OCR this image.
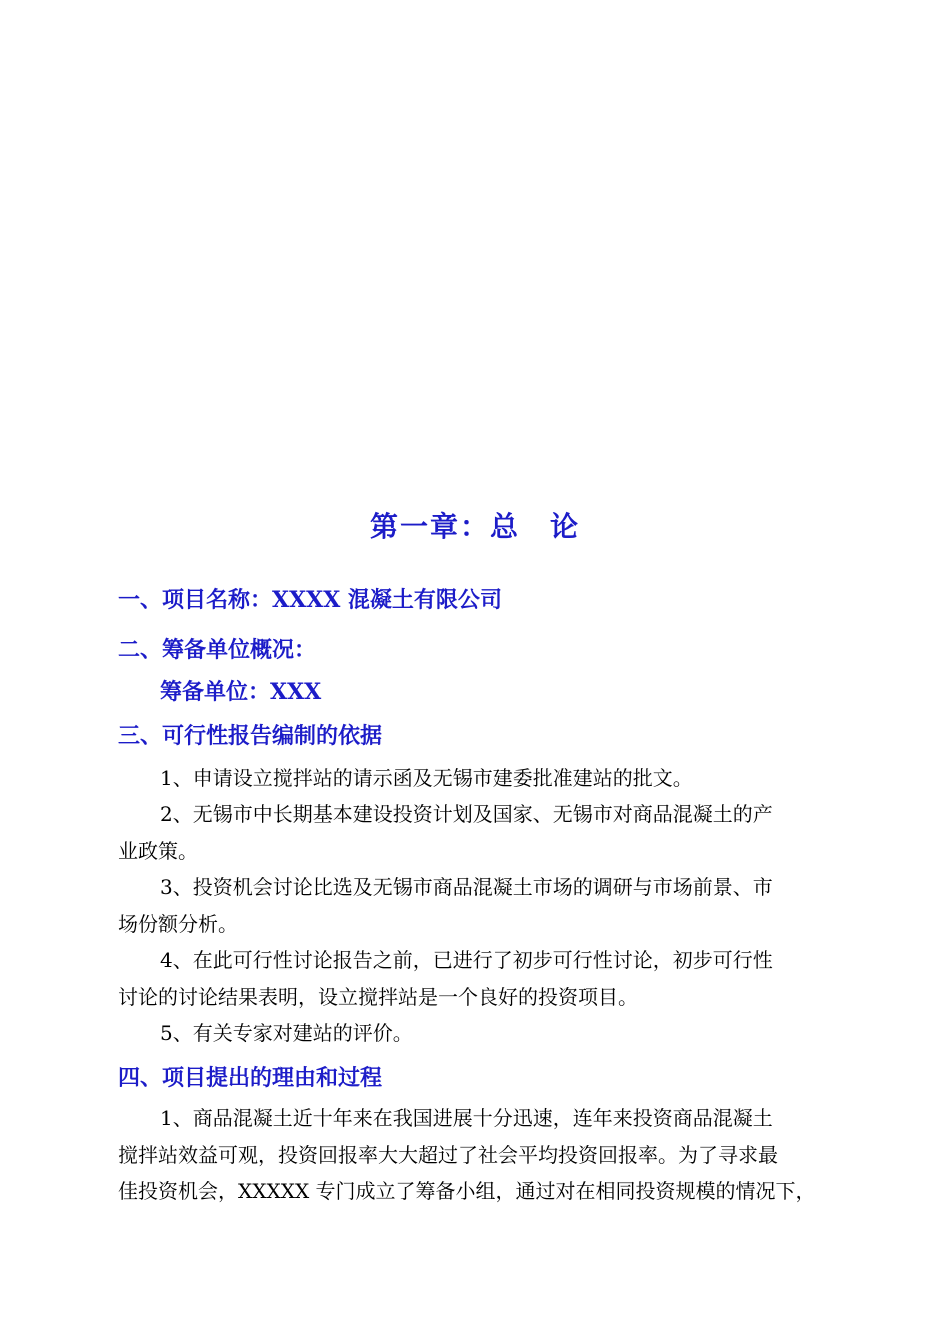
第一章：总　论
一、项目名称：XXXX 混凝土有限公司
二、筹备单位概况：
筹备单位：XXX
三、可行性报告编制的依据
1、申请设立搅拌站的请示函及无锡市建委批准建站的批文。
2、无锡市中长期基本建设投资计划及国家、无锡市对商品混凝土的产
业政策。
3、投资机会讨论比选及无锡市商品混凝土市场的调研与市场前景、市
场份额分析。
4、在此可行性讨论报告之前，已进行了初步可行性讨论，初步可行性
讨论的讨论结果表明，设立搅拌站是一个良好的投资项目。
5、有关专家对建站的评价。
四、项目提出的理由和过程
1、商品混凝土近十年来在我国进展十分迅速，连年来投资商品混凝土
搅拌站效益可观，投资回报率大大超过了社会平均投资回报率。为了寻求最
佳投资机会，XXXXX 专门成立了筹备小组，通过对在相同投资规模的情况下，
